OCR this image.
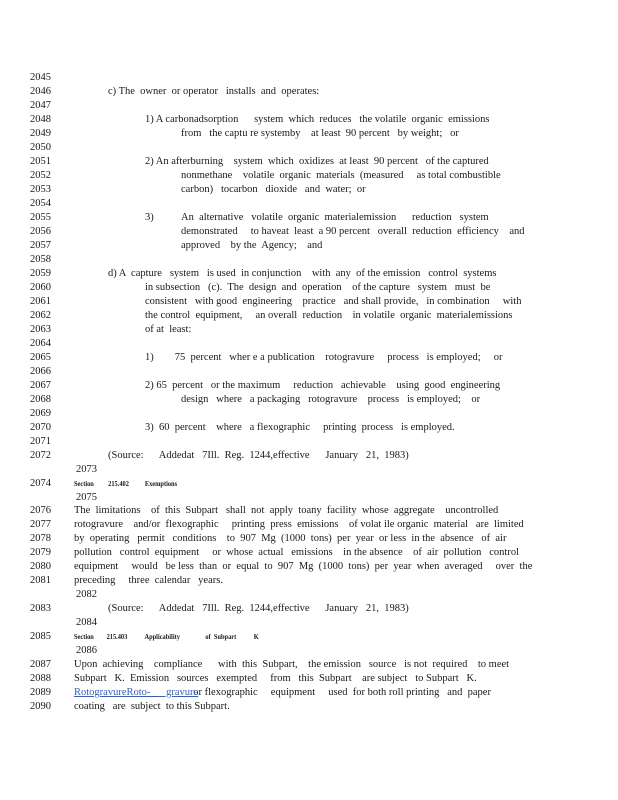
2045
2046
2047
2048
2049
2050
2051
2052
2053
2054
2055
2056
2057
2058
2059
2060
2061
2062
2063
2064
2065
2066
2067
2068
2069
2070
2071
2072
2074
2076
2077
2078
2079
2080
2081
2083
2085
2087
2088
2089
2090
c) The  owner  or operator   installs  and  operates:
1) A carbonadsorption      system  which  reduces   the volatile  organic  emissions
from   the captu re systemby    at least  90 percent   by weight;   or
2) An afterburning    system  which  oxidizes  at least  90 percent   of the captured
nonmethane    volatile  organic  materials  (measured     as total combustible
carbon)   tocarbon   dioxide   and  water;  or
3)	An  alternative   volatile  organic  materialemission      reduction   system
demonstrated     to haveat  least  a 90 percent   overall  reduction  efficiency    and
approved    by the  Agency;    and
d) A  capture   system   is used  in conjunction    with  any  of the emission   control  systems
in subsection   (c).  The  design  and  operation    of the capture   system   must  be
consistent   with good  engineering    practice   and shall provide,   in combination     with
the control  equipment,     an overall  reduction    in volatile  organic  materialemissions
of at  least:
1)        75  percent   wher e a publication    rotogravure     process   is employed;     or
2) 65  percent   or the maximum     reduction   achievable    using  good  engineering
design   where   a packaging   rotogravure    process   is employed;    or
3)  60  percent    where   a flexographic     printing  process   is employed.
(Source:      Addedat   7Ill.  Reg.  1244,effective      January   21,  1983)
2073
2075
The  limitations    of  this  Subpart   shall  not  apply  toany  facility  whose  aggregate    uncontrolled
rotogravure    and/or  flexographic     printing  press  emissions    of volat ile organic  material   are  limited
by  operating   permit   conditions    to  907  Mg  (1000  tons)  per  year  or less  in the  absence   of  air
pollution   control  equipment     or  whose  actual   emissions    in the absence    of  air  pollution   control
equipment     would   be less  than  or  equal  to  907  Mg  (1000  tons)  per  year  when  averaged     over  the
preceding     three  calendar   years.
2082
(Source:      Addedat   7Ill.  Reg.  1244,effective      January   21,  1983)
2084
2086
Upon  achieving    compliance      with  this  Subpart,    the emission   source   is not  required    to meet
Subpart   K.  Emission   sources   exempted     from   this  Subpart    are subject   to Subpart   K.
or flexographic     equipment     used  for both roll printing   and  paper
coating   are  subject  to this Subpart.
Section         215.402          Exemptions
Section        215.403           Applicability                of  Subpart           K
RotogravureRoto-      gravure
